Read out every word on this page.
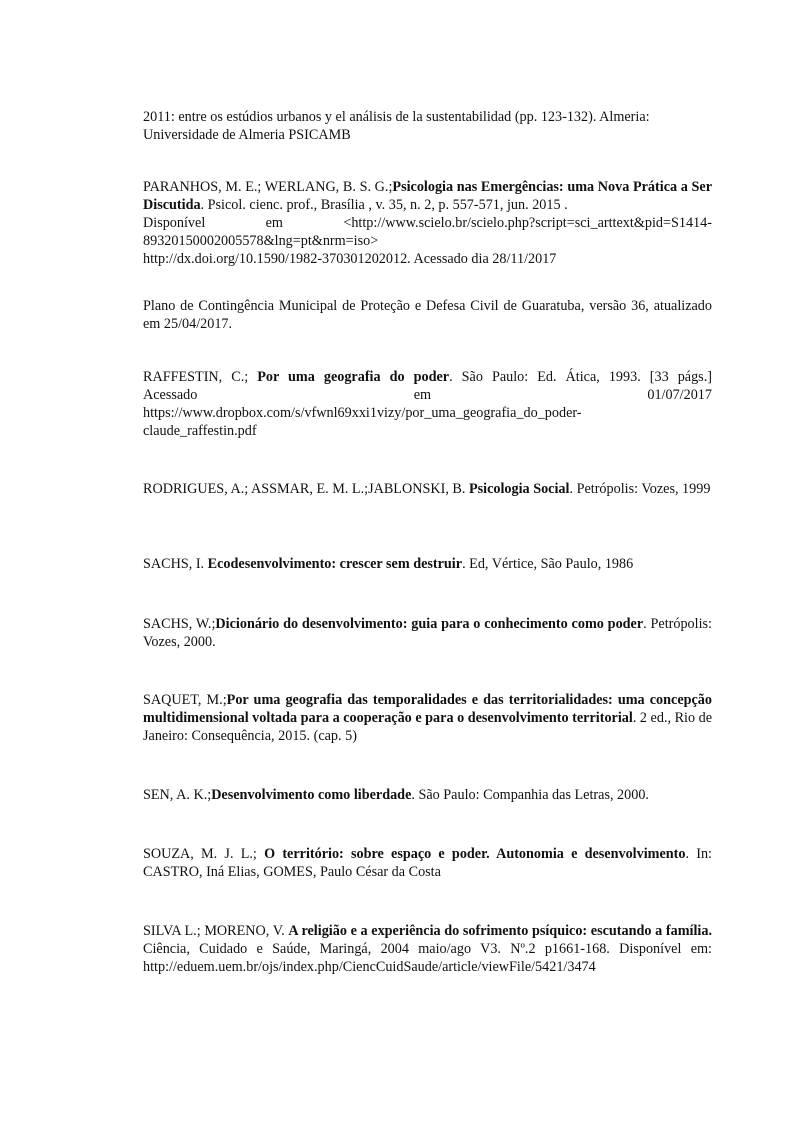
2011: entre os estúdios urbanos y el análisis de la sustentabilidad (pp. 123-132). Almeria:
Universidade de Almeria PSICAMB
PARANHOS, M. E.; WERLANG, B. S. G.;Psicologia nas Emergências: uma Nova Prática a Ser Discutida. Psicol. cienc. prof., Brasília , v. 35, n. 2, p. 557-571, jun. 2015 .
Disponível	em	<http://www.scielo.br/scielo.php?script=sci_arttext&pid=S1414-
89320150002005578&lng=pt&nrm=iso>
http://dx.doi.org/10.1590/1982-370301202012. Acessado dia 28/11/2017
Plano de Contingência Municipal de Proteção e Defesa Civil de Guaratuba, versão 36, atualizado em 25/04/2017.
RAFFESTIN, C.; Por uma geografia do poder. São Paulo: Ed. Ática, 1993. [33 págs.]
Acessado	em	01/07/2017
https://www.dropbox.com/s/vfwnl69xxi1vizy/por_uma_geografia_do_poder-
claude_raffestin.pdf
RODRIGUES, A.; ASSMAR, E. M. L.;JABLONSKI, B. Psicologia Social. Petrópolis: Vozes, 1999
SACHS, I. Ecodesenvolvimento: crescer sem destruir. Ed, Vértice, São Paulo, 1986
SACHS, W.;Dicionário do desenvolvimento: guia para o conhecimento como poder. Petrópolis: Vozes, 2000.
SAQUET, M.;Por uma geografia das temporalidades e das territorialidades: uma concepção multidimensional voltada para a cooperação e para o desenvolvimento territorial. 2 ed., Rio de Janeiro: Consequência, 2015. (cap. 5)
SEN, A. K.;Desenvolvimento como liberdade. São Paulo: Companhia das Letras, 2000.
SOUZA, M. J. L.; O território: sobre espaço e poder. Autonomia e desenvolvimento. In: CASTRO, Iná Elias, GOMES, Paulo César da Costa
SILVA L.; MORENO, V. A religião e a experiência do sofrimento psíquico: escutando a família. Ciência, Cuidado e Saúde, Maringá, 2004 maio/ago V3. Nº.2 p1661-168. Disponível em: http://eduem.uem.br/ojs/index.php/CiencCuidSaude/article/viewFile/5421/3474
